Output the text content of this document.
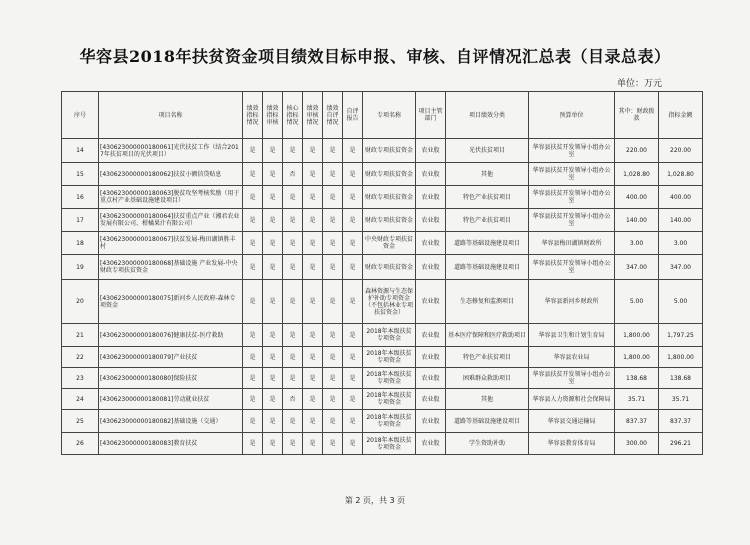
华容县2018年扶贫资金项目绩效目标申报、审核、自评情况汇总表（目录总表）
单位：万元
序号	项目名称	绩效指标情况	绩效指标审核	核心指标情况	绩效审核情况	绩效自评情况	自评报告	专项名称	项目主管部门	项目绩效分类	预算单位	其中：财政拨款	指标金额
14	[430623000000180061]光伏扶贫工作（结合2017年扶贫项目的光伏项目）	是	是	是	是	是	是	财政专项扶贫资金	农业股	光伏扶贫项目	华容县扶贫开发领导小组办公室	220.00	220.00
15	[430623000000180062]扶贫小额信贷贴息	是	是	否	是	是	是	财政专项扶贫资金	农业股	其他	华容县扶贫开发领导小组办公室	1,028.80	1,028.80
16	[430623000000180063]脱贫攻坚考核奖励（用于重点村产业基础设施建设项目）	是	是	是	是	是	是	财政专项扶贫资金	农业股	特色产业扶贫项目	华容县扶贫开发领导小组办公室	400.00	400.00
17	[430623000000180064]扶贫重点产业（湘君农业发展有限公司、柑橘果汁有限公司）	是	是	是	是	是	是	财政专项扶贫资金	农业股	特色产业扶贫项目	华容县扶贫开发领导小组办公室	140.00	140.00
18	[430623000000180067]扶贫发展-梅田湖镇胜丰村	是	是	是	是	是	是	中央财政专项扶贫资金	农业股	道路等基础设施建设项目	华容县梅田湖镇财政所	3.00	3.00
19	[430623000000180068]基础设施 产业发展-中央财政专项扶贫资金	是	是	是	是	是	是	财政专项扶贫资金	农业股	道路等基础设施建设项目	华容县扶贫开发领导小组办公室	347.00	347.00
20	[430623000000180075]新河乡人民政府-森林专项资金	是	是	是	是	是	是	森林资源与生态保护补助专项资金（不包括林业专项扶贫资金）	农业股	生态修复和监测项目	华容县新河乡财政所	5.00	5.00
21	[430623000000180076]健康扶贫-医疗救助	是	是	是	是	是	是	2018年本级扶贫专项资金	农业股	基本医疗保障和医疗救助项目	华容县卫生和计划生育局	1,800.00	1,797.25
22	[430623000000180079]产业扶贫	是	是	是	是	是	是	2018年本级扶贫专项资金	农业股	特色产业扶贫项目	华容县农业局	1,800.00	1,800.00
23	[430623000000180080]保险扶贫	是	是	是	是	是	是	2018年本级扶贫专项资金	农业股	困难群众救助项目	华容县扶贫开发领导小组办公室	138.68	138.68
24	[430623000000180081]劳动就业扶贫	是	是	否	是	是	是	2018年本级扶贫专项资金	农业股	其他	华容县人力资源和社会保障局	35.71	35.71
25	[430623000000180082]基础设施（交通）	是	是	是	是	是	是	2018年本级扶贫专项资金	农业股	道路等基础设施建设项目	华容县交通运输局	837.37	837.37
26	[430623000000180083]教育扶贫	是	是	是	是	是	是	2018年本级扶贫专项资金	农业股	学生资助补助	华容县教育体育局	300.00	296.21
第 2 页，共 3 页
